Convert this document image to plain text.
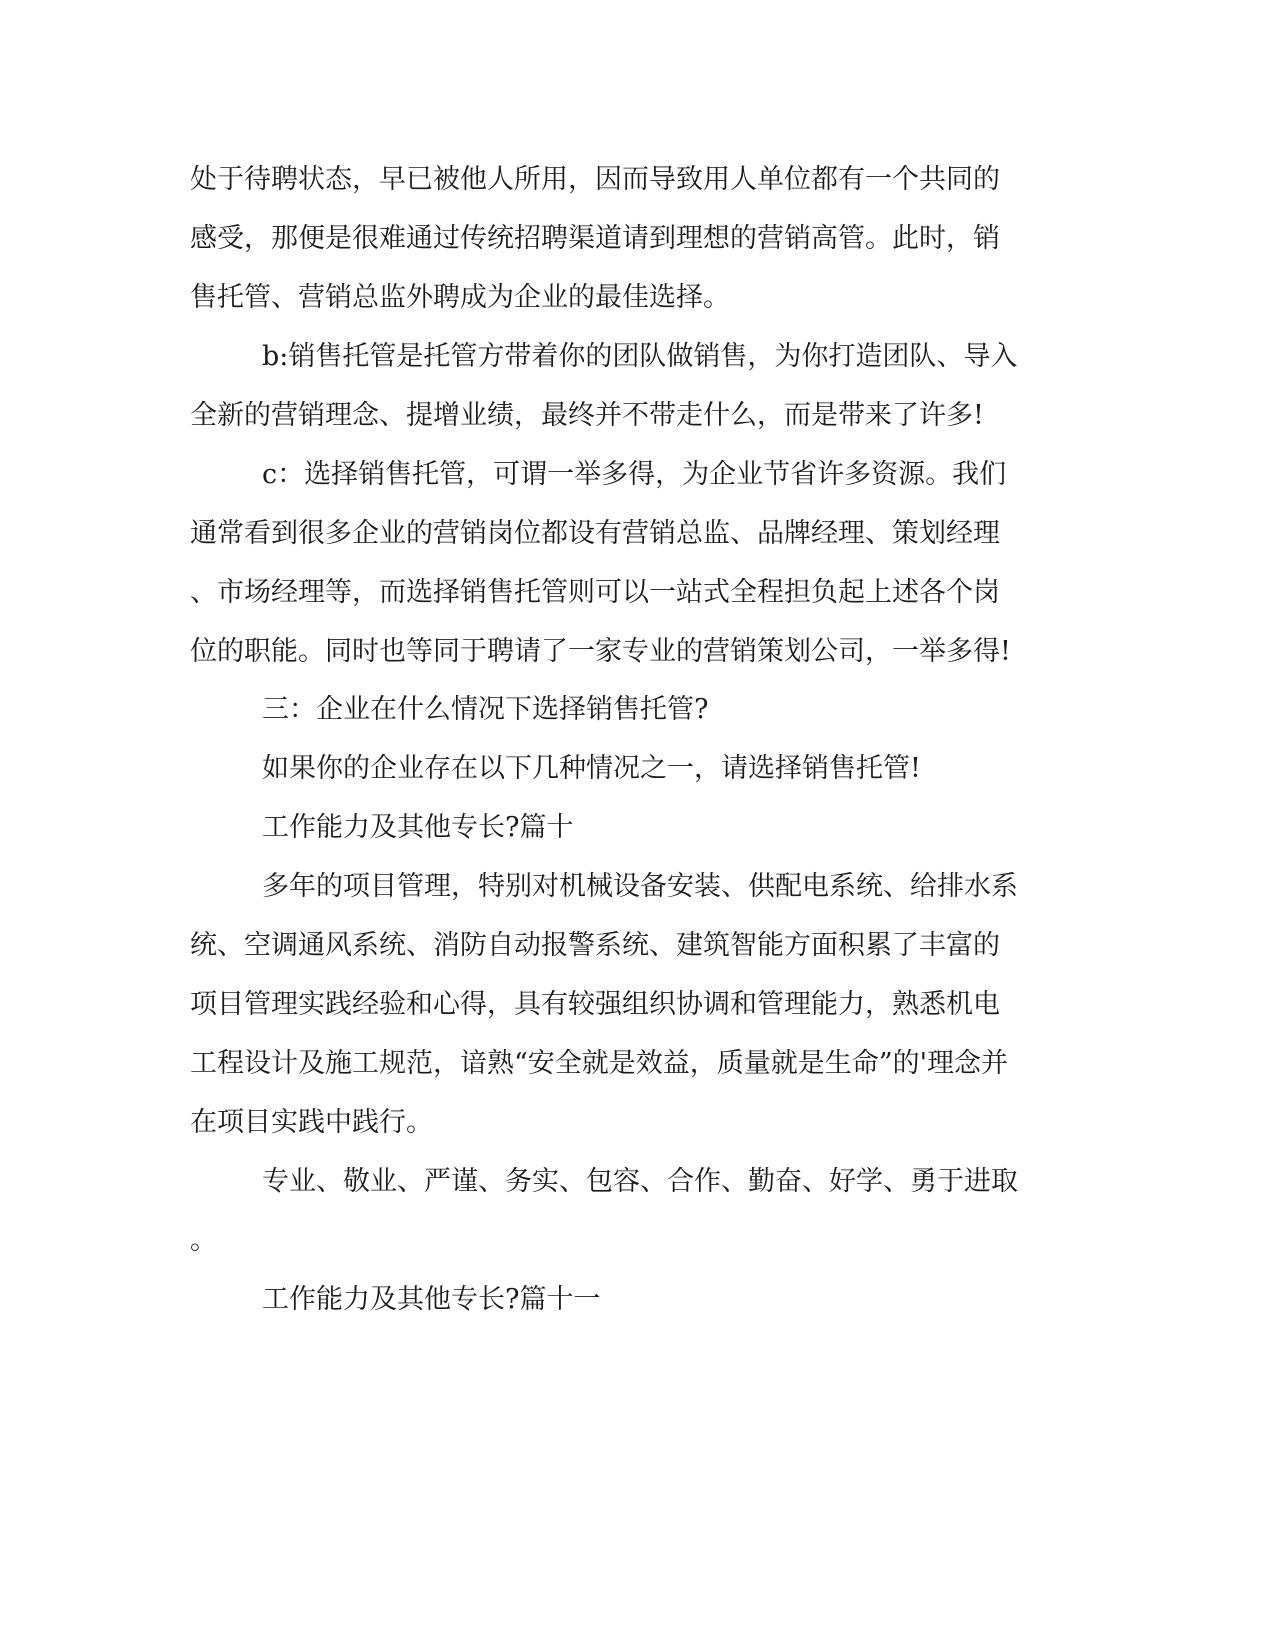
处于待聘状态，早已被他人所用，因而导致用人单位都有一个共同的

感受，那便是很难通过传统招聘渠道请到理想的营销高管。此时，销

售托管、营销总监外聘成为企业的最佳选择。

b:销售托管是托管方带着你的团队做销售，为你打造团队、导入

全新的营销理念、提增业绩，最终并不带走什么，而是带来了许多!

c：选择销售托管，可谓一举多得，为企业节省许多资源。我们

通常看到很多企业的营销岗位都设有营销总监、品牌经理、策划经理

、市场经理等，而选择销售托管则可以一站式全程担负起上述各个岗

位的职能。同时也等同于聘请了一家专业的营销策划公司，一举多得!

三：企业在什么情况下选择销售托管?

如果你的企业存在以下几种情况之一，请选择销售托管!

工作能力及其他专长?篇十

多年的项目管理，特别对机械设备安装、供配电系统、给排水系

统、空调通风系统、消防自动报警系统、建筑智能方面积累了丰富的

项目管理实践经验和心得，具有较强组织协调和管理能力，熟悉机电

工程设计及施工规范，谙熟“安全就是效益，质量就是生命”的'理念并

在项目实践中践行。

专业、敬业、严谨、务实、包容、合作、勤奋、好学、勇于进取

。

工作能力及其他专长?篇十一
